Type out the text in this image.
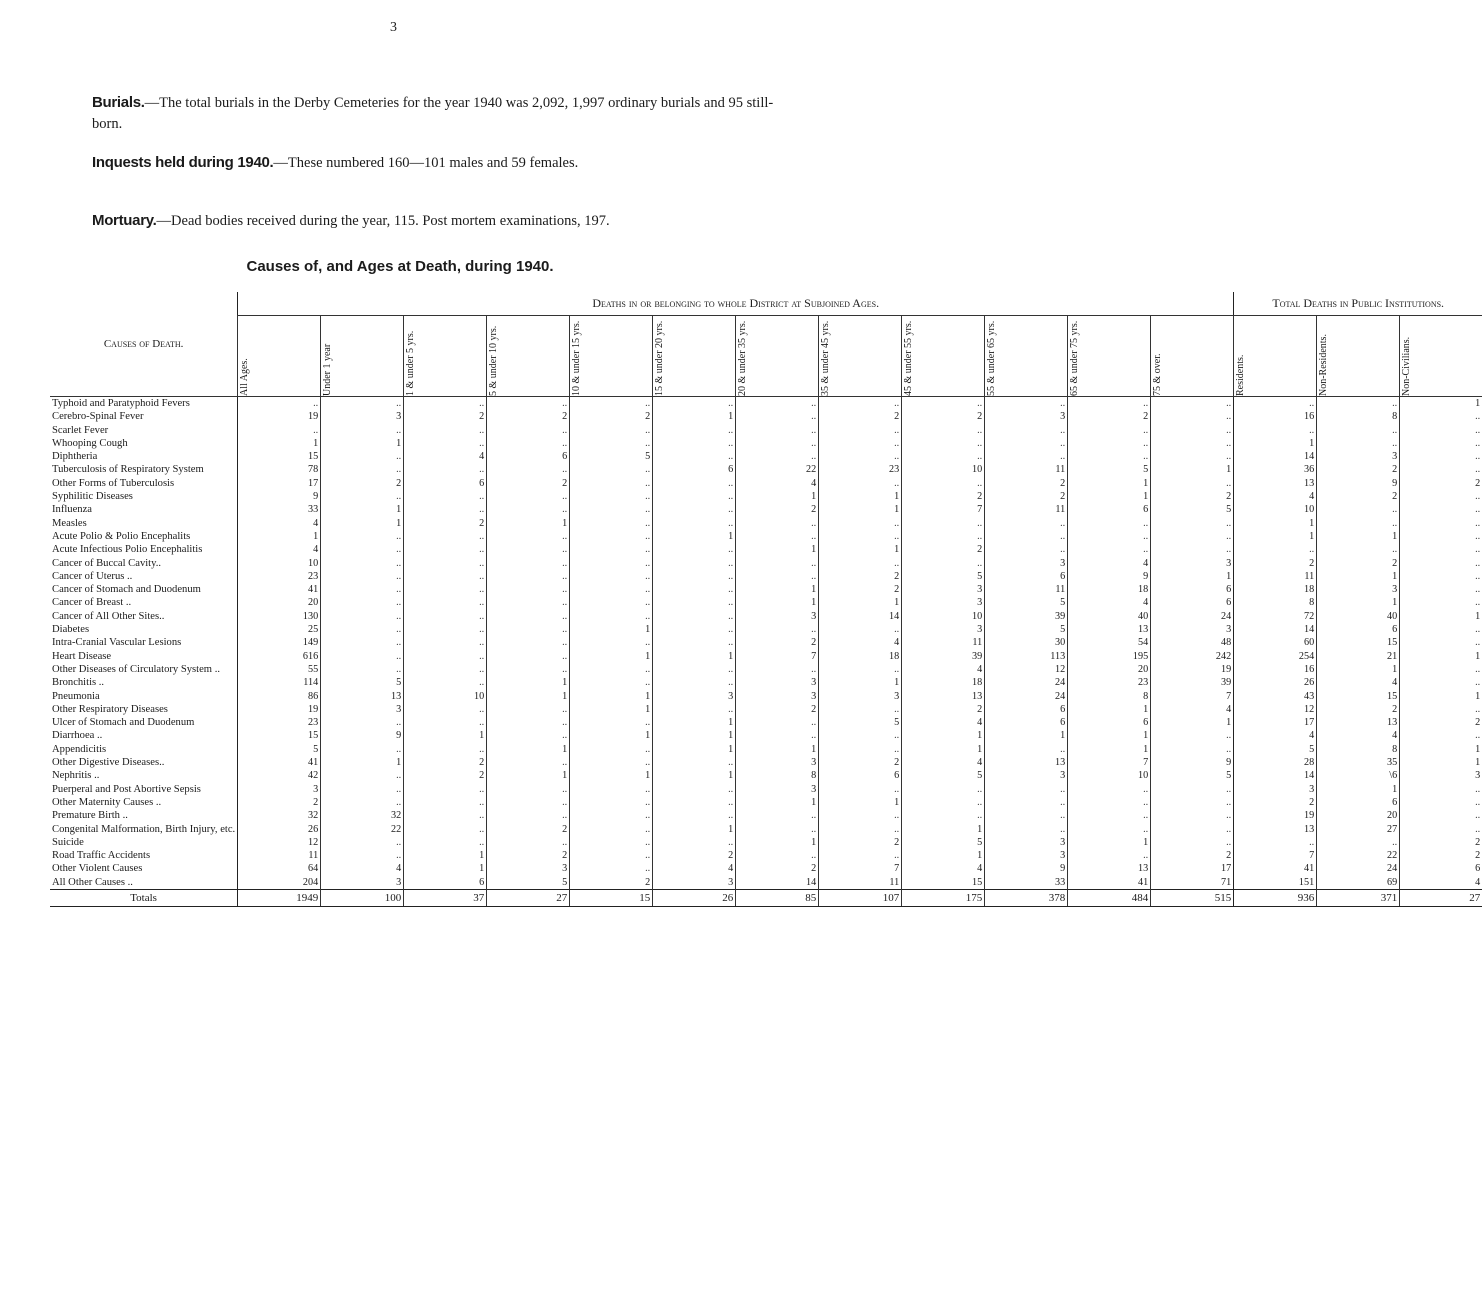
3
Burials.—The total burials in the Derby Cemeteries for the year 1940 was 2,092, 1,997 ordinary burials and 95 still-born.
Inquests held during 1940.—These numbered 160—101 males and 59 females.
Mortuary.—Dead bodies received during the year, 115. Post mortem examinations, 197.
Causes of, and Ages at Death, during 1940.
Causes of Death.	Deaths in or belonging to whole District at Subjoined Ages.												Total Deaths in Public Institutions.		

	All Ages.	Under 1 year	1 & under 5 yrs.	5 & under 10 yrs.	10 & under 15 yrs.	15 & under 20 yrs.	20 & under 35 yrs.	35 & under 45 yrs.	45 & under 55 yrs.	55 & under 65 yrs.	65 & under 75 yrs.	75 & over.	Residents.	Non-Residents.	Non-Civilians.

Typhoid and Paratyphoid Fevers	..	..	..	..	..	..	..	..	..	..	..	..	..	..	1
Cerebro-Spinal Fever	19	3	2	2	2	1	..	2	2	3	2	..	16	8	..
Scarlet Fever	..	..	..	..	..	..	..	..	..	..	..	..	..	..	..
Whooping Cough	1	1	..	..	..	..	..	..	..	..	..	..	1	..	..
Diphtheria	15	..	4	6	5	..	..	..	..	..	..	..	14	3	..
Tuberculosis of Respiratory System	78	..	..	..	..	6	22	23	10	11	5	1	36	2	..
Other Forms of Tuberculosis	17	2	6	2	..	..	4	..	..	2	1	..	13	9	2
Syphilitic Diseases	9	..	..	..	..	..	1	1	2	2	1	2	4	2	..
Influenza	33	1	..	..	..	..	2	1	7	11	6	5	10	..	..
Measles	4	1	2	1	..	..	..	..	..	..	..	..	1	..	..
Acute Polio & Polio Encephalits	1	..	..	..	..	1	..	..	..	..	..	..	1	1	..
Acute Infectious Polio Encephalitis	4	..	..	..	..	..	1	1	2	..	..	..	..	..	..
Cancer of Buccal Cavity..	10	..	..	..	..	..	..	..	..	3	4	3	2	2	..
Cancer of Uterus ..	23	..	..	..	..	..	..	2	5	6	9	1	11	1	..
Cancer of Stomach and Duodenum	41	..	..	..	..	..	1	2	3	11	18	6	18	3	..
Cancer of Breast ..	20	..	..	..	..	..	1	1	3	5	4	6	8	1	..
Cancer of All Other Sites..	130	..	..	..	..	..	3	14	10	39	40	24	72	40	1
Diabetes	25	..	..	..	1	..	..	..	3	5	13	3	14	6	..
Intra-Cranial Vascular Lesions	149	..	..	..	..	..	2	4	11	30	54	48	60	15	..
Heart Disease	616	..	..	..	1	1	7	18	39	113	195	242	254	21	1
Other Diseases of Circulatory System ..	55	..	..	..	..	..	..	..	4	12	20	19	16	1	..
Bronchitis ..	114	5	..	1	..	..	3	1	18	24	23	39	26	4	..
Pneumonia	86	13	10	1	1	3	3	3	13	24	8	7	43	15	1
Other Respiratory Diseases	19	3	..	..	1	..	2	..	2	6	1	4	12	2	..
Ulcer of Stomach and Duodenum	23	..	..	..	..	1	..	5	4	6	6	1	17	13	2
Diarrhoea ..	15	9	1	..	1	1	..	..	1	1	1	..	4	4	..
Appendicitis	5	..	..	1	..	1	1	..	1	..	1	..	5	8	1
Other Digestive Diseases..	41	1	2	..	..	..	3	2	4	13	7	9	28	35	1
Nephritis ..	42	..	2	1	1	1	8	6	5	3	10	5	14	\6	3
Puerperal and Post Abortive Sepsis	3	..	..	..	..	..	3	..	..	..	..	..	3	1	..
Other Maternity Causes ..	2	..	..	..	..	..	1	1	..	..	..	..	2	6	..
Premature Birth ..	32	32	..	..	..	..	..	..	..	..	..	..	19	20	..
Congenital Malformation, Birth Injury, etc.	26	22	..	2	..	1	..	..	1	..	..	..	13	27	..
Suicide	12	..	..	..	..	..	1	2	5	3	1	..	..	..	2
Road Traffic Accidents	11	..	1	2	..	2	..	..	1	3	..	2	7	22	2
Other Violent Causes	64	4	1	3	..	4	2	7	4	9	13	17	41	24	6
All Other Causes ..	204	3	6	5	2	3	14	11	15	33	41	71	151	69	4
Totals	1949	100	37	27	15	26	85	107	175	378	484	515	936	371	27
